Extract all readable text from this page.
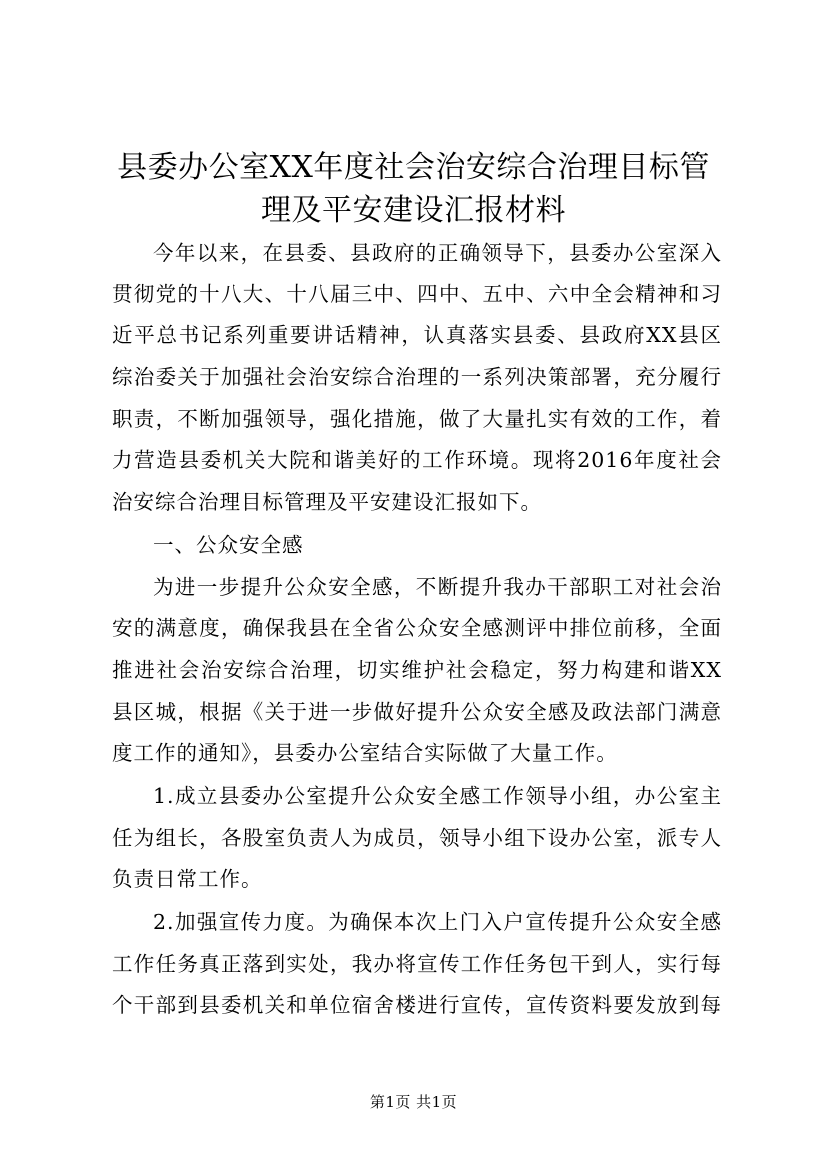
县委办公室XX年度社会治安综合治理目标管
理及平安建设汇报材料
今年以来，在县委、县政府的正确领导下，县委办公室深入
贯彻党的十八大、十八届三中、四中、五中、六中全会精神和习
近平总书记系列重要讲话精神，认真落实县委、县政府XX县区
综治委关于加强社会治安综合治理的一系列决策部署，充分履行
职责，不断加强领导，强化措施，做了大量扎实有效的工作，着
力营造县委机关大院和谐美好的工作环境。现将2016年度社会
治安综合治理目标管理及平安建设汇报如下。
一、公众安全感
为进一步提升公众安全感，不断提升我办干部职工对社会治
安的满意度，确保我县在全省公众安全感测评中排位前移，全面
推进社会治安综合治理，切实维护社会稳定，努力构建和谐XX
县区城，根据《关于进一步做好提升公众安全感及政法部门满意
度工作的通知》，县委办公室结合实际做了大量工作。
1.成立县委办公室提升公众安全感工作领导小组，办公室主
任为组长，各股室负责人为成员，领导小组下设办公室，派专人
负责日常工作。
2.加强宣传力度。为确保本次上门入户宣传提升公众安全感
工作任务真正落到实处，我办将宣传工作任务包干到人，实行每
个干部到县委机关和单位宿舍楼进行宣传，宣传资料要发放到每
第1页 共1页
